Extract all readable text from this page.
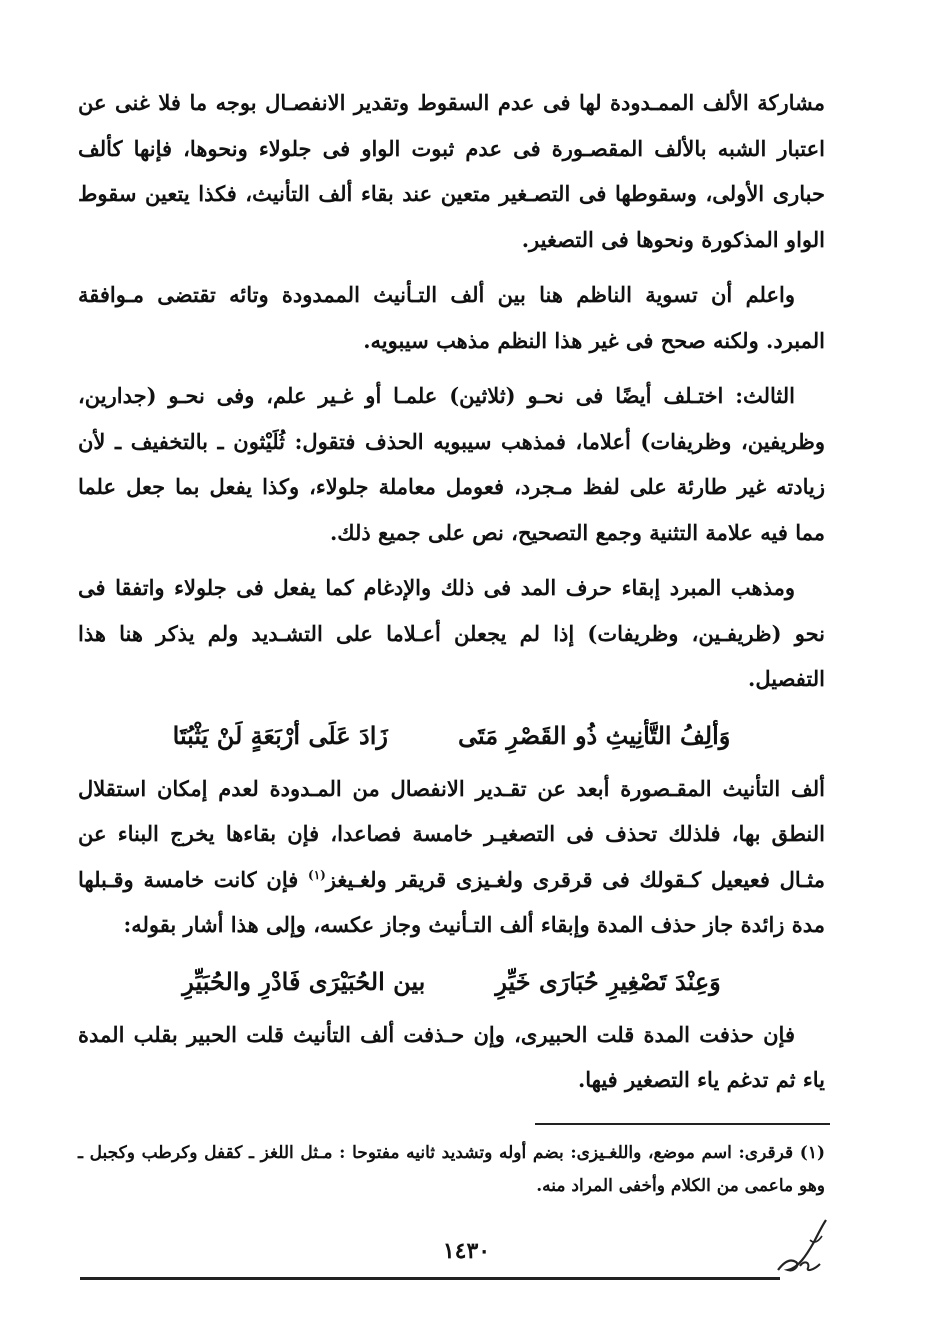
مشاركة الألف الممـدودة لها فى عدم السقوط وتقدير الانفصـال بوجه ما فلا غنى عن اعتبار الشبه بالألف المقصـورة فى عدم ثبوت الواو فى جلولاء ونحوها، فإنها كألف حبارى الأولى، وسقوطها فى التصـغير متعين عند بقاء ألف التأنيث، فكذا يتعين سقوط الواو المذكورة ونحوها فى التصغير.

واعلم أن تسوية الناظم هنا بين ألف التـأنيث الممدودة وتائه تقتضى مـوافقة المبرد. ولكنه صحح فى غير هذا النظم مذهب سيبويه.

الثالث: اختـلف أيضًا فى نحـو (ثلاثين) علمـا أو غـير علم، وفى نحـو (جدارين، وظريفين، وظريفات) أعلاما، فمذهب سيبويه الحذف فتقول: ثُلَيْثون ـ بالتخفيف ـ لأن زيادته غير طارئة على لفظ مـجرد، فعومل معاملة جلولاء، وكذا يفعل بما جعل علما مما فيه علامة التثنية وجمع التصحيح، نص على جميع ذلك.

ومذهب المبرد إبقاء حرف المد فى ذلك والإدغام كما يفعل فى جلولاء واتفقا فى نحو (ظريفـين، وظريفات) إذا لم يجعلن أعـلاما على التشـديد ولم يذكر هنا هذا التفصيل.

وَألِفُ التَّأنِيثِ ذُو القَصْرِ مَتَى
زَادَ عَلَى أرْبَعَةٍ لَنْ يَثْبُتَا

ألف التأنيث المقـصورة أبعد عن تقـدير الانفصال من المـدودة لعدم إمكان استقلال النطق بها، فلذلك تحذف فى التصغيـر خامسة فصاعدا، فإن بقاءها يخرج البناء عن مثـال فعيعيل كـقولك فى قرقرى ولغـيزى قريقر ولغـيغز$^{(١)}$ فإن كانت خامسة وقـبلها مدة زائدة جاز حذف المدة وإبقاء ألف التـأنيث وجاز عكسه، وإلى هذا أشار بقوله:

وَعِنْدَ تَصْغِيرِ حُبَارَى خَيِّرِ
بين الحُبَيْرَى فَادْرِ والحُبَيِّرِ

فإن حذفت المدة قلت الحبيرى، وإن حـذفت ألف التأنيث قلت الحبير بقلب المدة ياء ثم تدغم ياء التصغير فيها.

(١) قرقرى: اسم موضع، واللغـيزى: بضم أوله وتشديد ثانيه مفتوحا : مـثل اللغز ـ كقفل وكرطب وكجبل ـ وهو ماعمى من الكلام وأخفى المراد منه.
١٤٣٠
